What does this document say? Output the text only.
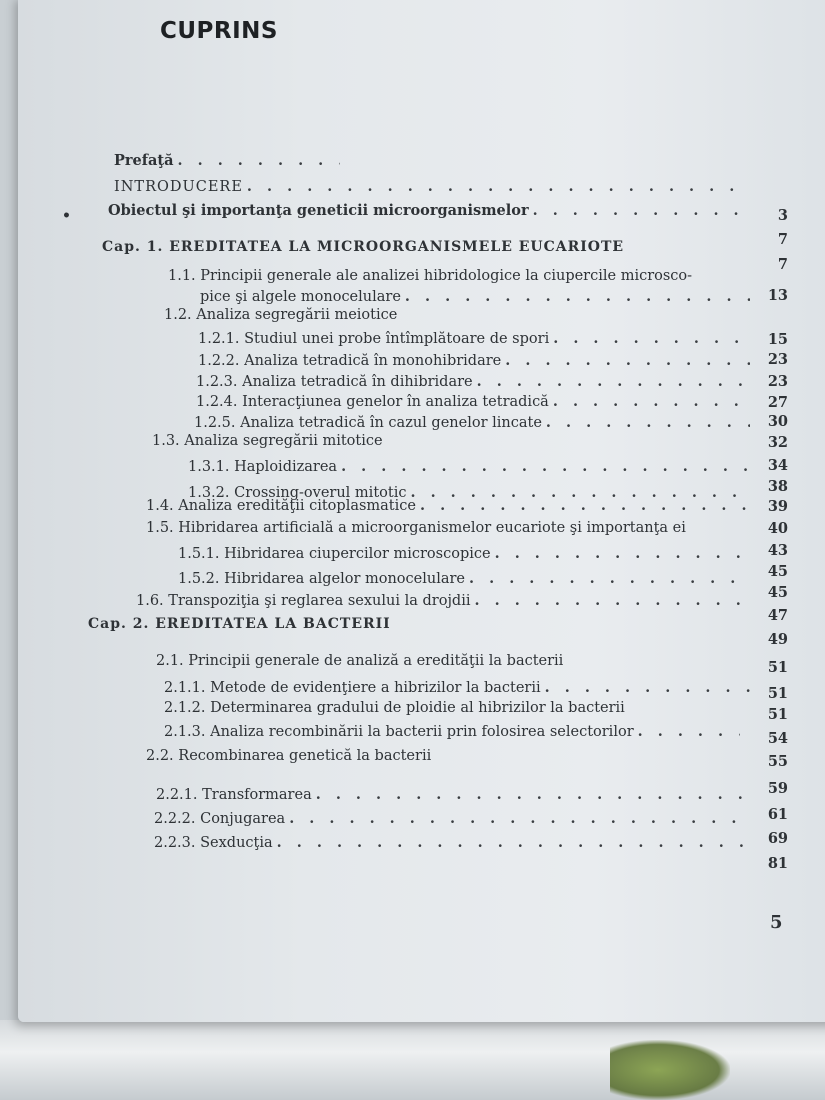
CUPRINS
•
Prefaţă
. . .
INTRODUCERE
. . .
Obiectul şi importanţa geneticii microorganismelor
. . .
Cap. 1. EREDITATEA LA MICROORGANISMELE EUCARIOTE
1.1. Principii generale ale analizei hibridologice la ciupercile microsco-
pice şi algele monocelulare
. . .
1.2. Analiza segregării meiotice
1.2.1. Studiul unei probe întîmplătoare de spori
. . .
1.2.2. Analiza tetradică în monohibridare
. . .
1.2.3. Analiza tetradică în dihibridare
. . .
1.2.4. Interacţiunea genelor în analiza tetradică
. . .
1.2.5. Analiza tetradică în cazul genelor lincate
. . .
1.3. Analiza segregării mitotice
1.3.1. Haploidizarea
. . .
1.3.2. Crossing-overul mitotic
. . .
1.4. Analiza eredităţii citoplasmatice
. . .
1.5. Hibridarea artificială a microorganismelor eucariote şi importanţa ei
1.5.1. Hibridarea ciupercilor microscopice
. . .
1.5.2. Hibridarea algelor monocelulare
. . .
1.6. Transpoziţia şi reglarea sexului la drojdii
. . .
Cap. 2. EREDITATEA LA BACTERII
2.1. Principii generale de analiză a eredităţii la bacterii
2.1.1. Metode de evidenţiere a hibrizilor la bacterii
. . .
2.1.2. Determinarea gradului de ploidie al hibrizilor la bacterii
2.1.3. Analiza recombinării la bacterii prin folosirea selectorilor
. . .
2.2. Recombinarea genetică la bacterii
2.2.1. Transformarea
. . .
2.2.2. Conjugarea
. . .
2.2.3. Sexducţia
. . .
3
7
7
13
15
23
23
27
30
32
34
38
39
40
43
45
45
47
49
51
51
51
54
55
59
61
69
81
5
